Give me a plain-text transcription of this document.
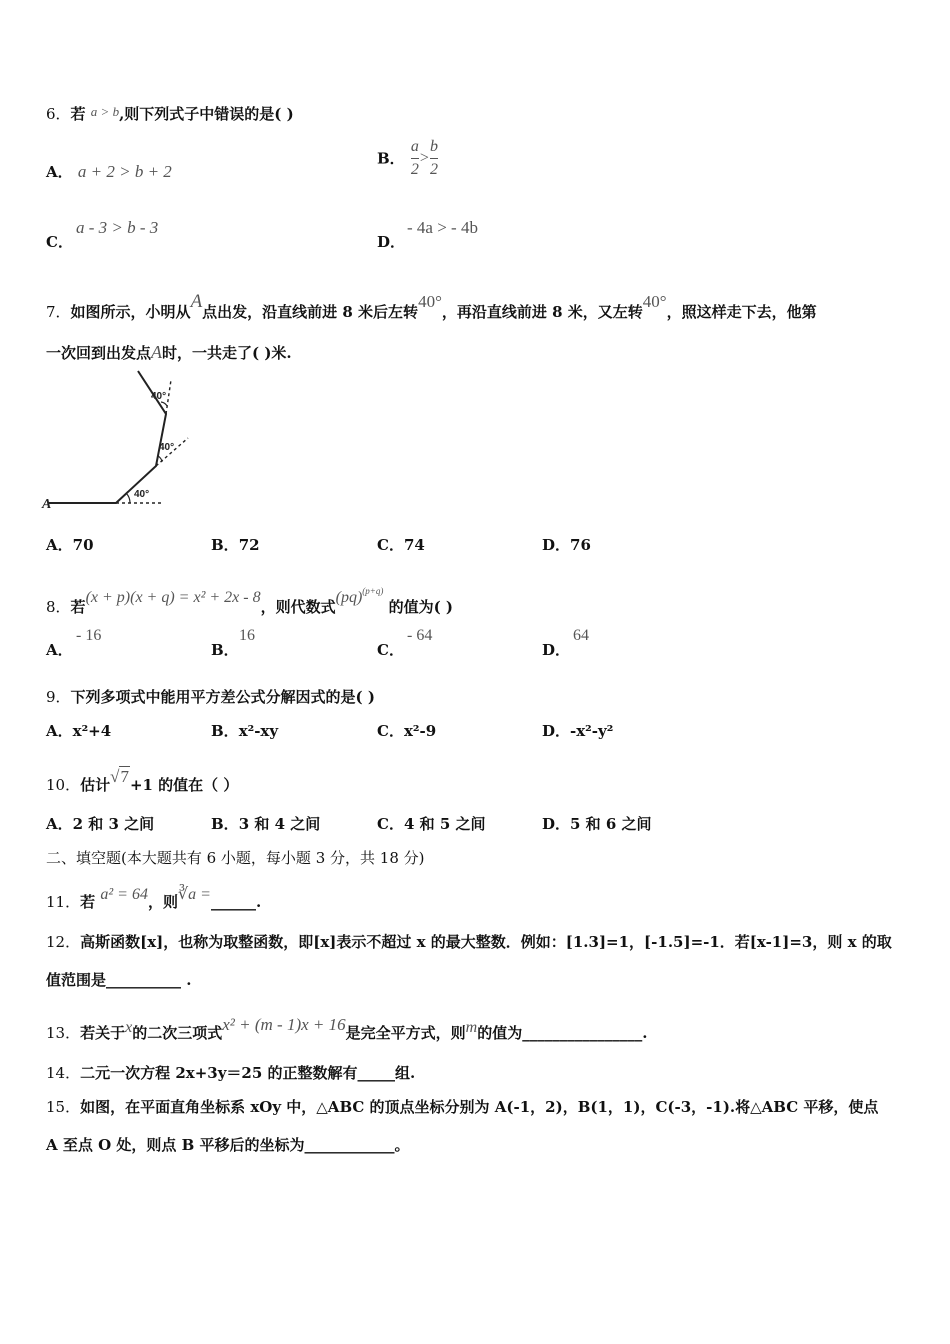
6．若 a > b,则下列式子中错误的是( )
A． a + 2 > b + 2
B． $\frac{a}{2} > \frac{b}{2}$
C．
a - 3 > b - 3
D．
- 4a > - 4b
7．如图所示，小明从A点出发，沿直线前进 8 米后左转40°，再沿直线前进 8 米，又左转40°，照这样走下去，他第
一次回到出发点A时，一共走了( )米.
A
40°
40°
40°
A．70	B．72	C．74	D．76
8．若(x + p)(x + q) = x² + 2x - 8，则代数式(pq)$^{(p+q)}$ 的值为( )
A．
- 16
B．
16
C．
- 64
D．
64
9．下列多项式中能用平方差公式分解因式的是( )
A．x²+4	B．x²-xy	C．x²-9	D．-x²-y²
10．估计√7+1 的值在（ ）
A．2 和 3 之间	B．3 和 4 之间	C．4 和 5 之间	D．5 和 6 之间
二、填空题(本大题共有 6 小题，每小题 3 分，共 18 分)
11．若 a² = 64，则∛a =______.
12．高斯函数[x]，也称为取整函数，即[x]表示不超过 x 的最大整数．例如：[1.3]=1，[-1.5]=-1．若[x-1]=3，则 x 的取
值范围是__________ .
13．若关于x的二次三项式x² + (m - 1)x + 16是完全平方式，则m的值为________________.
14．二元一次方程 2x+3y＝25 的正整数解有_____组.
15．如图，在平面直角坐标系 xOy 中，△ABC 的顶点坐标分别为 A(-1，2)，B(1，1)，C(-3，-1).将△ABC 平移，使点
A 至点 O 处，则点 B 平移后的坐标为____________。
